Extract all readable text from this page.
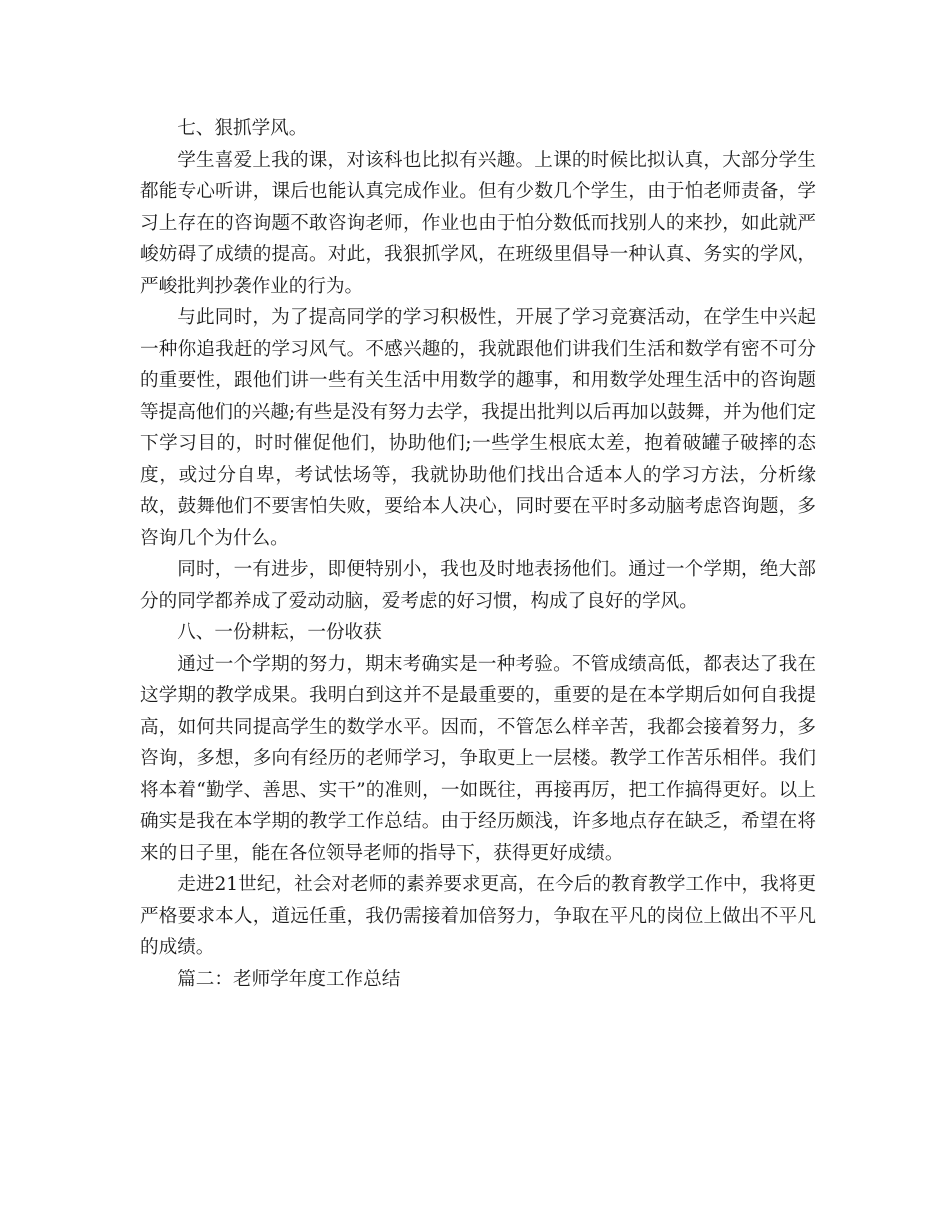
七、狠抓学风。

学生喜爱上我的课，对该科也比拟有兴趣。上课的时候比拟认真，大部分学生都能专心听讲，课后也能认真完成作业。但有少数几个学生，由于怕老师责备，学习上存在的咨询题不敢咨询老师，作业也由于怕分数低而找别人的来抄，如此就严峻妨碍了成绩的提高。对此，我狠抓学风，在班级里倡导一种认真、务实的学风，严峻批判抄袭作业的行为。

与此同时，为了提高同学的学习积极性，开展了学习竞赛活动，在学生中兴起一种你追我赶的学习风气。不感兴趣的，我就跟他们讲我们生活和数学有密不可分的重要性，跟他们讲一些有关生活中用数学的趣事，和用数学处理生活中的咨询题等提高他们的兴趣;有些是没有努力去学，我提出批判以后再加以鼓舞，并为他们定下学习目的，时时催促他们，协助他们;一些学生根底太差，抱着破罐子破摔的态度，或过分自卑，考试怯场等，我就协助他们找出合适本人的学习方法，分析缘故，鼓舞他们不要害怕失败，要给本人决心，同时要在平时多动脑考虑咨询题，多咨询几个为什么。

同时，一有进步，即便特别小，我也及时地表扬他们。通过一个学期，绝大部分的同学都养成了爱动动脑，爱考虑的好习惯，构成了良好的学风。

八、一份耕耘，一份收获

通过一个学期的努力，期末考确实是一种考验。不管成绩高低，都表达了我在这学期的教学成果。我明白到这并不是最重要的，重要的是在本学期后如何自我提高，如何共同提高学生的数学水平。因而，不管怎么样辛苦，我都会接着努力，多咨询，多想，多向有经历的老师学习，争取更上一层楼。教学工作苦乐相伴。我们将本着“勤学、善思、实干”的准则，一如既往，再接再厉，把工作搞得更好。以上确实是我在本学期的教学工作总结。由于经历颇浅，许多地点存在缺乏，希望在将来的日子里，能在各位领导老师的指导下，获得更好成绩。

走进21世纪，社会对老师的素养要求更高，在今后的教育教学工作中，我将更严格要求本人，道远任重，我仍需接着加倍努力，争取在平凡的岗位上做出不平凡的成绩。

篇二：老师学年度工作总结
